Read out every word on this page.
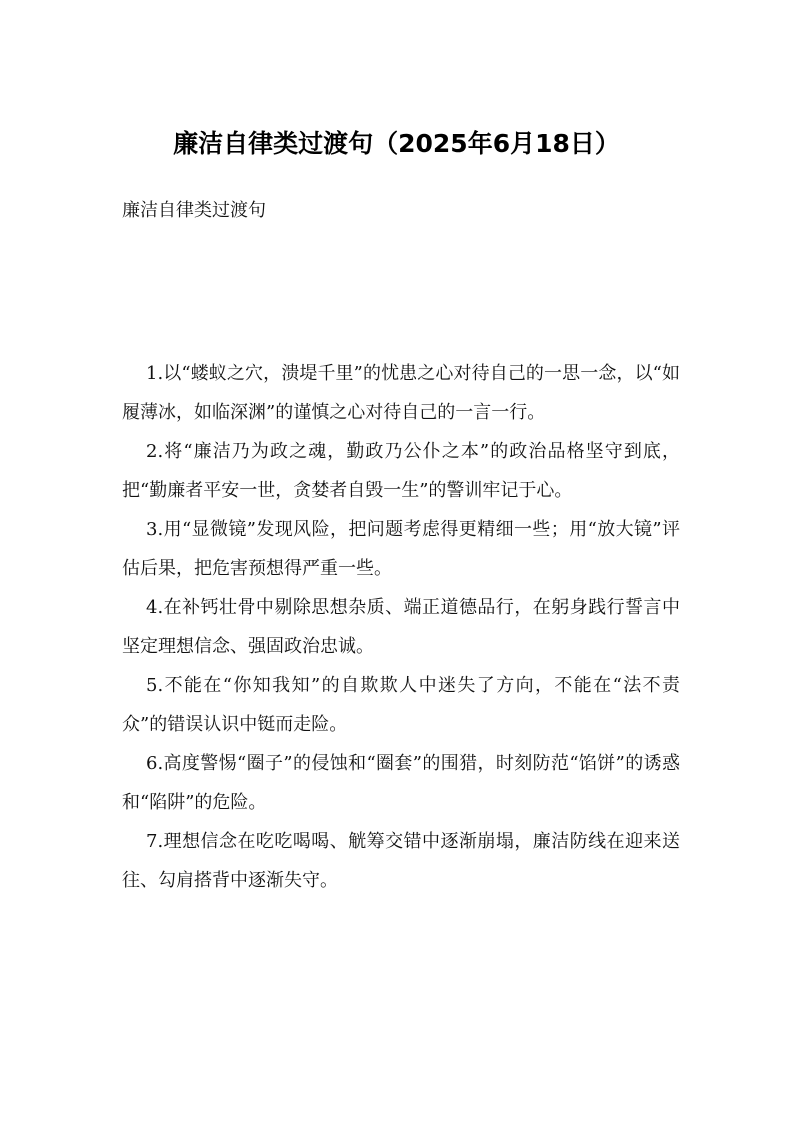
廉洁自律类过渡句（2025年6月18日）

廉洁自律类过渡句

1.以“蝼蚁之穴，溃堤千里”的忧患之心对待自己的一思一念，以“如履薄冰，如临深渊”的谨慎之心对待自己的一言一行。

2.将“廉洁乃为政之魂，勤政乃公仆之本”的政治品格坚守到底，把“勤廉者平安一世，贪婪者自毁一生”的警训牢记于心。

3.用“显微镜”发现风险，把问题考虑得更精细一些；用“放大镜”评估后果，把危害预想得严重一些。

4.在补钙壮骨中剔除思想杂质、端正道德品行，在躬身践行誓言中坚定理想信念、强固政治忠诚。

5.不能在“你知我知”的自欺欺人中迷失了方向，不能在“法不责众”的错误认识中铤而走险。

6.高度警惕“圈子”的侵蚀和“圈套”的围猎，时刻防范“馅饼”的诱惑和“陷阱”的危险。

7.理想信念在吃吃喝喝、觥筹交错中逐渐崩塌，廉洁防线在迎来送往、勾肩搭背中逐渐失守。
